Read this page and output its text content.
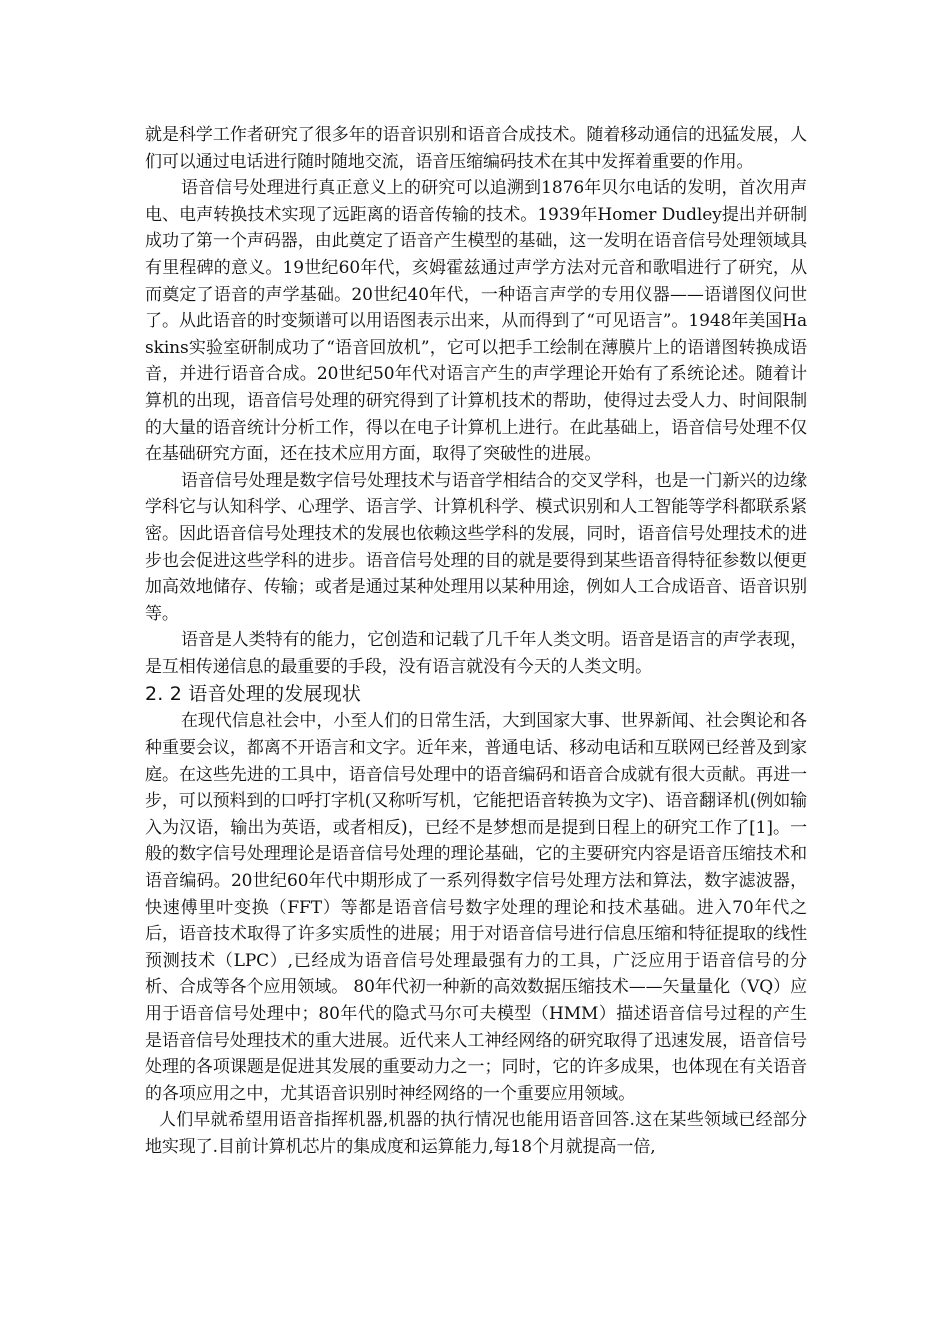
就是科学工作者研究了很多年的语音识别和语音合成技术。随着移动通信的迅猛发展，人们可以通过电话进行随时随地交流，语音压缩编码技术在其中发挥着重要的作用。

语音信号处理进行真正意义上的研究可以追溯到1876年贝尔电话的发明，首次用声电、电声转换技术实现了远距离的语音传输的技术。1939年Homer Dudley提出并研制成功了第一个声码器，由此奠定了语音产生模型的基础，这一发明在语音信号处理领域具有里程碑的意义。19世纪60年代，亥姆霍兹通过声学方法对元音和歌唱进行了研究，从而奠定了语音的声学基础。20世纪40年代，一种语言声学的专用仪器——语谱图仪问世了。从此语音的时变频谱可以用语图表示出来，从而得到了“可见语言”。1948年美国Haskins实验室研制成功了“语音回放机”，它可以把手工绘制在薄膜片上的语谱图转换成语音，并进行语音合成。20世纪50年代对语言产生的声学理论开始有了系统论述。随着计算机的出现，语音信号处理的研究得到了计算机技术的帮助，使得过去受人力、时间限制的大量的语音统计分析工作，得以在电子计算机上进行。在此基础上，语音信号处理不仅在基础研究方面，还在技术应用方面，取得了突破性的进展。

语音信号处理是数字信号处理技术与语音学相结合的交叉学科，也是一门新兴的边缘学科它与认知科学、心理学、语言学、计算机科学、模式识别和人工智能等学科都联系紧密。因此语音信号处理技术的发展也依赖这些学科的发展，同时，语音信号处理技术的进步也会促进这些学科的进步。语音信号处理的目的就是要得到某些语音得特征参数以便更加高效地储存、传输；或者是通过某种处理用以某种用途，例如人工合成语音、语音识别等。

语音是人类特有的能力，它创造和记载了几千年人类文明。语音是语言的声学表现，是互相传递信息的最重要的手段，没有语言就没有今天的人类文明。

2. 2 语音处理的发展现状

在现代信息社会中，小至人们的日常生活，大到国家大事、世界新闻、社会舆论和各种重要会议，都离不开语言和文字。近年来，普通电话、移动电话和互联网已经普及到家庭。在这些先进的工具中，语音信号处理中的语音编码和语音合成就有很大贡献。再进一步，可以预料到的口呼打字机(又称听写机，它能把语音转换为文字)、语音翻译机(例如输入为汉语，输出为英语，或者相反)，已经不是梦想而是提到日程上的研究工作了[1]。一般的数字信号处理理论是语音信号处理的理论基础，它的主要研究内容是语音压缩技术和语音编码。20世纪60年代中期形成了一系列得数字信号处理方法和算法，数字滤波器，快速傅里叶变换（FFT）等都是语音信号数字处理的理论和技术基础。进入70年代之后，语音技术取得了许多实质性的进展；用于对语音信号进行信息压缩和特征提取的线性预测技术（LPC）,已经成为语音信号处理最强有力的工具，广泛应用于语音信号的分析、合成等各个应用领域。 80年代初一种新的高效数据压缩技术——矢量量化（VQ）应用于语音信号处理中；80年代的隐式马尔可夫模型（HMM）描述语音信号过程的产生是语音信号处理技术的重大进展。近代来人工神经网络的研究取得了迅速发展，语音信号处理的各项课题是促进其发展的重要动力之一；同时，它的许多成果，也体现在有关语音的各项应用之中，尤其语音识别时神经网络的一个重要应用领域。

人们早就希望用语音指挥机器,机器的执行情况也能用语音回答.这在某些领域已经部分地实现了.目前计算机芯片的集成度和运算能力,每18个月就提高一倍,
